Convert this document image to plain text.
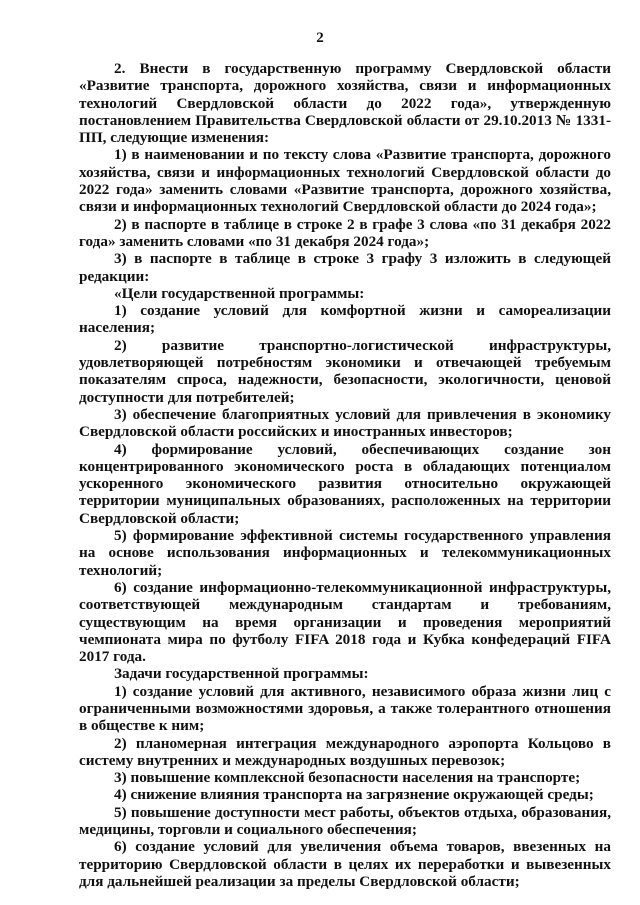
2

2. Внести в государственную программу Свердловской области «Развитие транспорта, дорожного хозяйства, связи и информационных технологий Свердловской области до 2022 года», утвержденную постановлением Правительства Свердловской области от 29.10.2013 № 1331-ПП, следующие изменения:

1) в наименовании и по тексту слова «Развитие транспорта, дорожного хозяйства, связи и информационных технологий Свердловской области до 2022 года» заменить словами «Развитие транспорта, дорожного хозяйства, связи и информационных технологий Свердловской области до 2024 года»;

2) в паспорте в таблице в строке 2 в графе 3 слова «по 31 декабря 2022 года» заменить словами «по 31 декабря 2024 года»;

3) в паспорте в таблице в строке 3 графу 3 изложить в следующей редакции:

«Цели государственной программы:

1) создание условий для комфортной жизни и самореализации населения;

2) развитие транспортно-логистической инфраструктуры, удовлетворяющей потребностям экономики и отвечающей требуемым показателям спроса, надежности, безопасности, экологичности, ценовой доступности для потребителей;

3) обеспечение благоприятных условий для привлечения в экономику Свердловской области российских и иностранных инвесторов;

4) формирование условий, обеспечивающих создание зон концентрированного экономического роста в обладающих потенциалом ускоренного экономического развития относительно окружающей территории муниципальных образованиях, расположенных на территории Свердловской области;

5) формирование эффективной системы государственного управления на основе использования информационных и телекоммуникационных технологий;

6) создание информационно-телекоммуникационной инфраструктуры, соответствующей международным стандартам и требованиям, существующим на время организации и проведения мероприятий чемпионата мира по футболу FIFA 2018 года и Кубка конфедераций FIFA 2017 года.

Задачи государственной программы:

1) создание условий для активного, независимого образа жизни лиц с ограниченными возможностями здоровья, а также толерантного отношения в обществе к ним;

2) планомерная интеграция международного аэропорта Кольцово в систему внутренних и международных воздушных перевозок;

3) повышение комплексной безопасности населения на транспорте;

4) снижение влияния транспорта на загрязнение окружающей среды;

5) повышение доступности мест работы, объектов отдыха, образования, медицины, торговли и социального обеспечения;

6) создание условий для увеличения объема товаров, ввезенных на территорию Свердловской области в целях их переработки и вывезенных для дальнейшей реализации за пределы Свердловской области;
